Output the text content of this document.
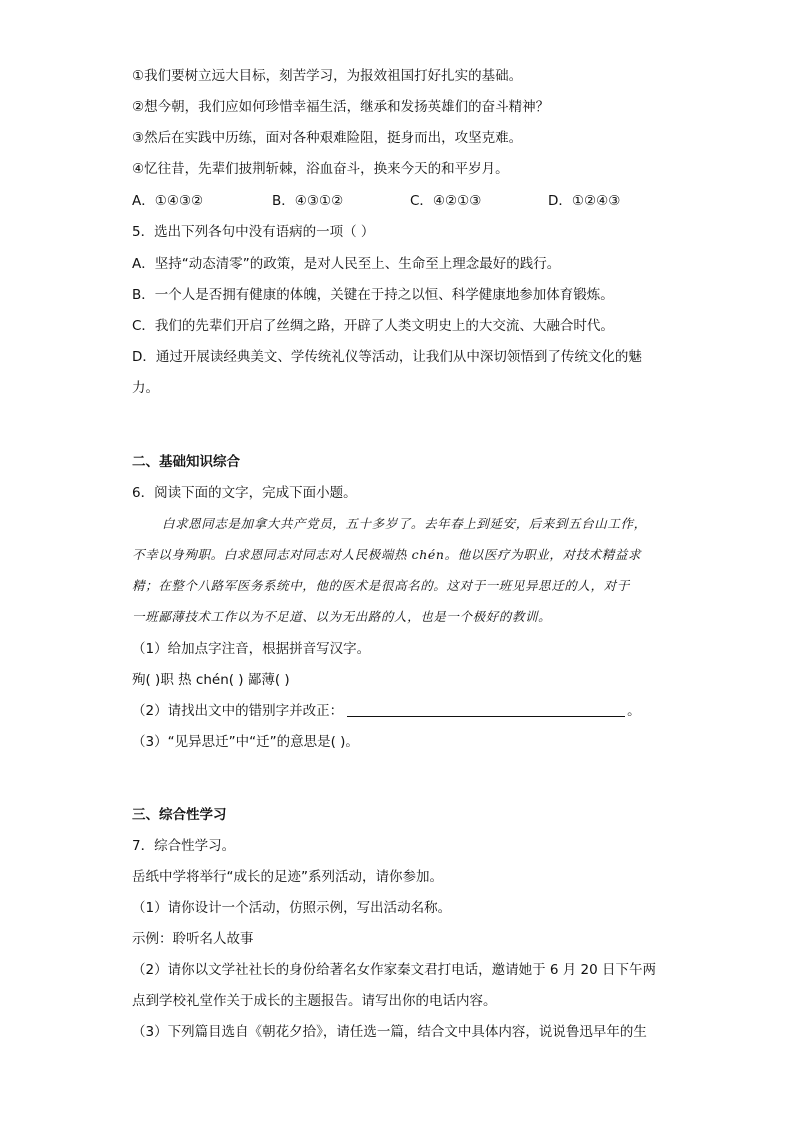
①我们要树立远大目标，刻苦学习，为报效祖国打好扎实的基础。
②想今朝，我们应如何珍惜幸福生活，继承和发扬英雄们的奋斗精神？
③然后在实践中历练，面对各种艰难险阻，挺身而出，攻坚克难。
④忆往昔，先辈们披荆斩棘，浴血奋斗，换来今天的和平岁月。
A．①④③②	B．④③①②	C．④②①③	D．①②④③
5．选出下列各句中没有语病的一项（ ）
A．坚持“动态清零”的政策，是对人民至上、生命至上理念最好的践行。
B．一个人是否拥有健康的体魄，关键在于持之以恒、科学健康地参加体育锻炼。
C．我们的先辈们开启了丝绸之路，开辟了人类文明史上的大交流、大融合时代。
D．通过开展读经典美文、学传统礼仪等活动，让我们从中深切领悟到了传统文化的魅
力。
二、基础知识综合
6．阅读下面的文字，完成下面小题。
白求恩同志是加拿大共产党员，五十多岁了。去年春上到延安，后来到五台山工作，
不幸以身殉职。白求恩同志对同志对人民极端热 chén。他以医疗为职业，对技术精益求
精；在整个八路军医务系统中，他的医术是很高名的。这对于一班见异思迁的人，对于
一班鄙薄技术工作以为不足道、以为无出路的人，也是一个极好的教训。
（1）给加点字注音，根据拼音写汉字。
殉( )职 热 chén( ) 鄙薄( )
（2）请找出文中的错别字并改正：	。
（3）“见异思迁”中“迁”的意思是( )。
三、综合性学习
7．综合性学习。
岳纸中学将举行“成长的足迹”系列活动，请你参加。
（1）请你设计一个活动，仿照示例，写出活动名称。
示例：聆听名人故事
（2）请你以文学社社长的身份给著名女作家秦文君打电话，邀请她于 6 月 20 日下午两
点到学校礼堂作关于成长的主题报告。请写出你的电话内容。
（3）下列篇目选自《朝花夕拾》，请任选一篇，结合文中具体内容，说说鲁迅早年的生
